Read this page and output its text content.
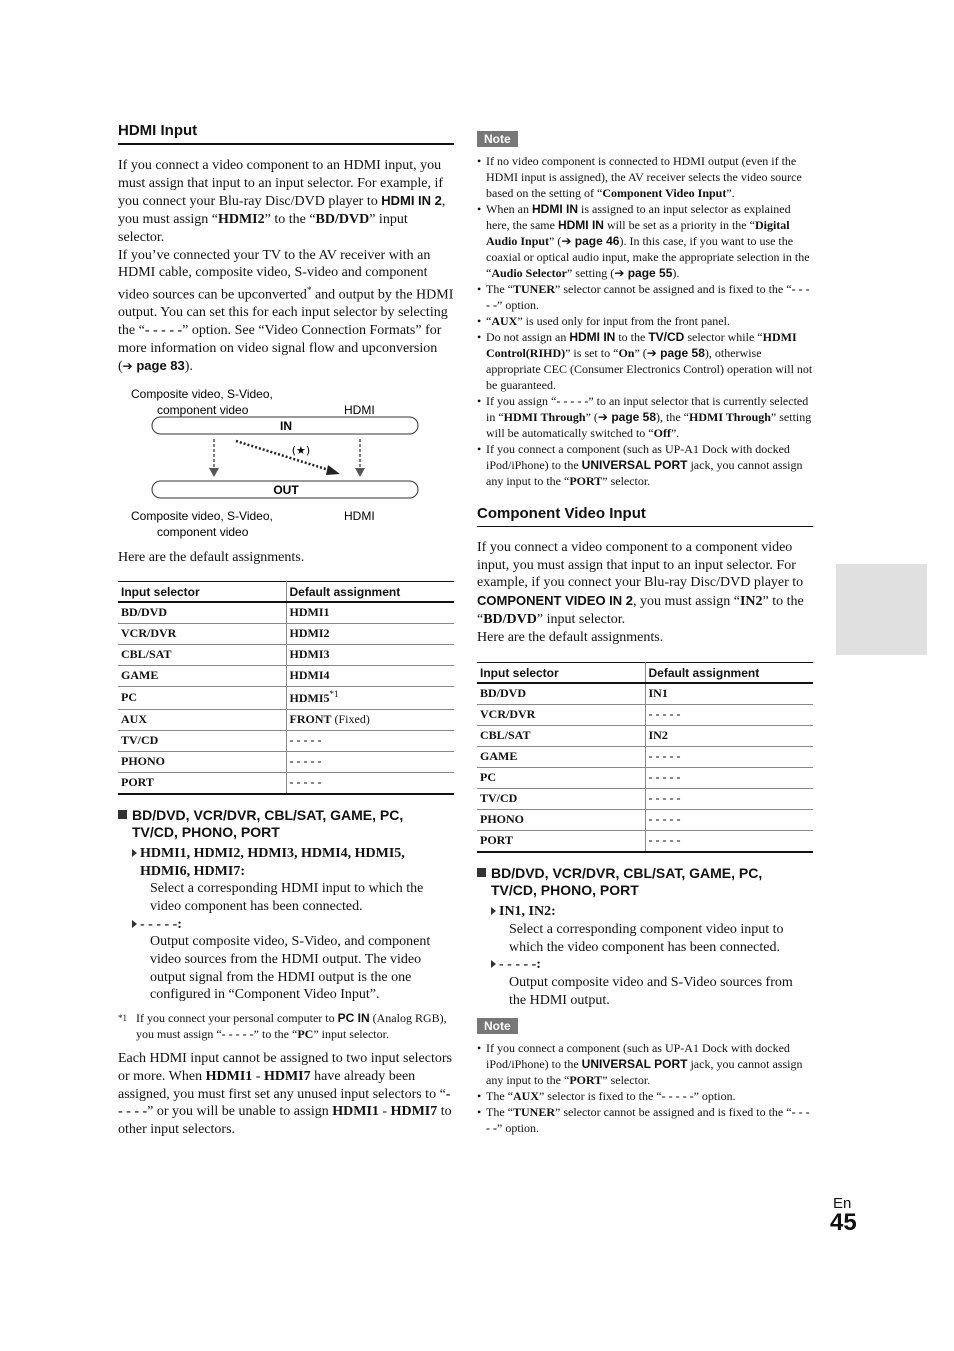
HDMI Input

If you connect a video component to an HDMI input, you must assign that input to an input selector. For example, if you connect your Blu-ray Disc/DVD player to HDMI IN 2, you must assign “HDMI2” to the “BD/DVD” input selector.

If you’ve connected your TV to the AV receiver with an HDMI cable, composite video, S-video and component video sources can be upconverted* and output by the HDMI output. You can set this for each input selector by selecting the “- - - - -” option. See “Video Connection Formats” for more information on video signal flow and upconversion (➔ page 83).

IN
OUT
(★)
Composite video, S-Video,
component video	HDMI
Composite video, S-Video,
component video
HDMI

Here are the default assignments.

Input selector	Default assignment
BD/DVD	HDMI1
VCR/DVR	HDMI2
CBL/SAT	HDMI3
GAME	HDMI4
PC	HDMI5$^{*1}$
AUX	FRONT (Fixed)
TV/CD	- - - - -
PHONO	- - - - -
PORT	- - - - -
BD/DVD, VCR/DVR, CBL/SAT, GAME, PC,
TV/CD, PHONO, PORT
HDMI1, HDMI2, HDMI3, HDMI4, HDMI5, HDMI6, HDMI7:
Select a corresponding HDMI input to which the video component has been connected.
- - - - -:
Output composite video, S-Video, and component video sources from the HDMI output. The video output signal from the HDMI output is the one configured in “Component Video Input”.
*1 If you connect your personal computer to PC IN (Analog RGB), you must assign “- - - - -” to the “PC” input selector.

Each HDMI input cannot be assigned to two input selectors or more. When HDMI1 - HDMI7 have already been assigned, you must first set any unused input selectors to “- - - - -” or you will be unable to assign HDMI1 - HDMI7 to other input selectors.

Note
• If no video component is connected to HDMI output (even if the HDMI input is assigned), the AV receiver selects the video source based on the setting of “Component Video Input”.
• When an HDMI IN is assigned to an input selector as explained here, the same HDMI IN will be set as a priority in the “Digital Audio Input” (➔ page 46). In this case, if you want to use the coaxial or optical audio input, make the appropriate selection in the “Audio Selector” setting (➔ page 55).
• The “TUNER” selector cannot be assigned and is fixed to the “- - - - -” option.
• “AUX” is used only for input from the front panel.
• Do not assign an HDMI IN to the TV/CD selector while “HDMI Control(RIHD)” is set to “On” (➔ page 58), otherwise appropriate CEC (Consumer Electronics Control) operation will not be guaranteed.
• If you assign “- - - - -” to an input selector that is currently selected in “HDMI Through” (➔ page 58), the “HDMI Through” setting will be automatically switched to “Off”.
• If you connect a component (such as UP-A1 Dock with docked iPod/iPhone) to the UNIVERSAL PORT jack, you cannot assign any input to the “PORT” selector.
Component Video Input

If you connect a video component to a component video input, you must assign that input to an input selector. For example, if you connect your Blu-ray Disc/DVD player to COMPONENT VIDEO IN 2, you must assign “IN2” to the “BD/DVD” input selector.

Here are the default assignments.

Input selector	Default assignment
BD/DVD	IN1
VCR/DVR	- - - - -
CBL/SAT	IN2
GAME	- - - - -
PC	- - - - -
TV/CD	- - - - -
PHONO	- - - - -
PORT	- - - - -
BD/DVD, VCR/DVR, CBL/SAT, GAME, PC,
TV/CD, PHONO, PORT
IN1, IN2:
Select a corresponding component video input to which the video component has been connected.
- - - - -:
Output composite video and S-Video sources from the HDMI output.
Note
• If you connect a component (such as UP-A1 Dock with docked iPod/iPhone) to the UNIVERSAL PORT jack, you cannot assign any input to the “PORT” selector.
• The “AUX” selector is fixed to the “- - - - -” option.
• The “TUNER” selector cannot be assigned and is fixed to the “- - - - -” option.
En
45
